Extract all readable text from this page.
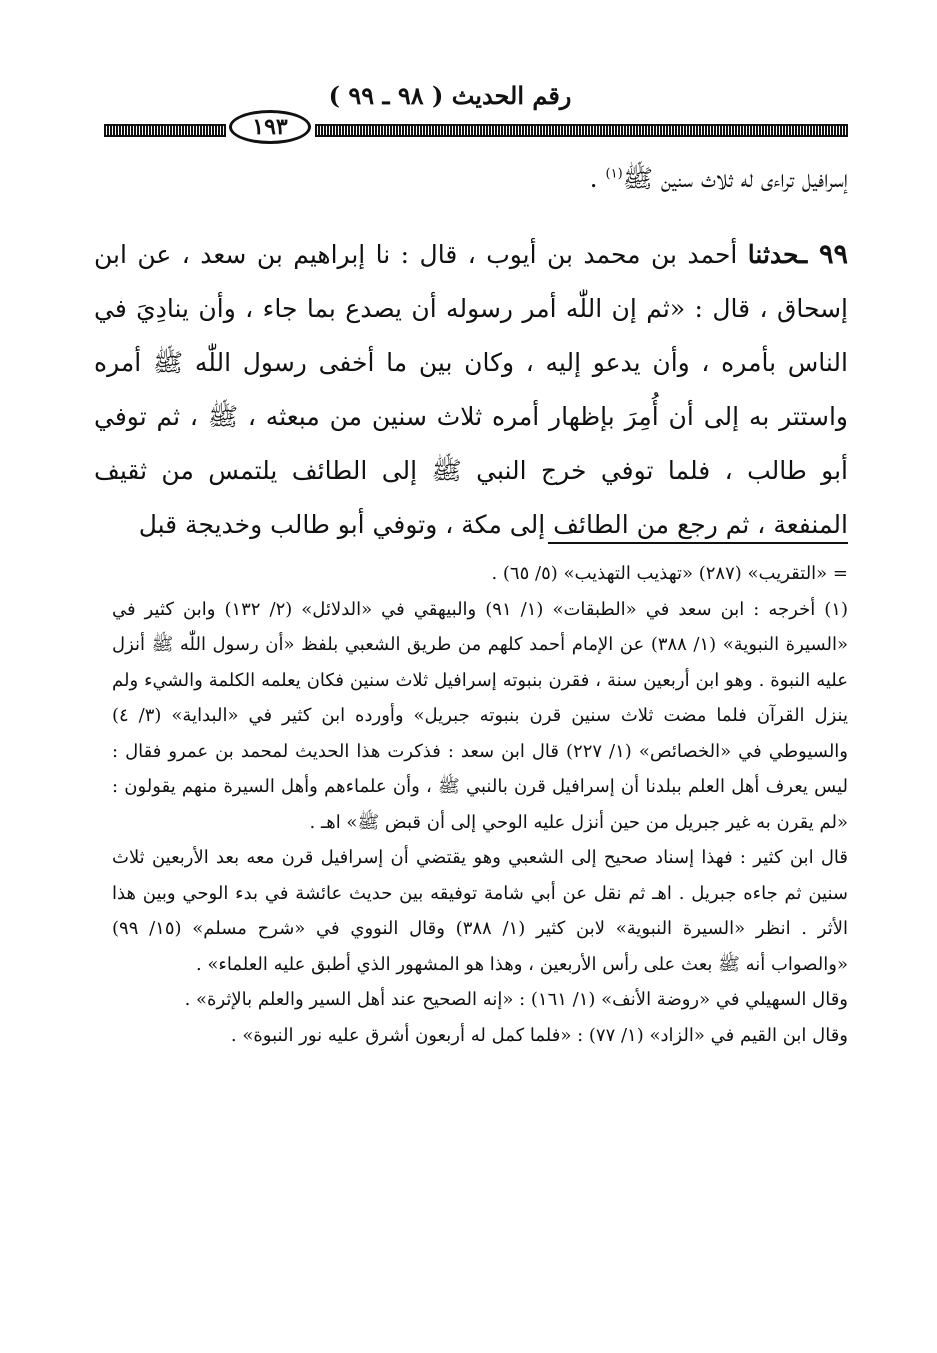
رقم الحديث ( ٩٨ ـ ٩٩ )
١٩٣

إسرافيل تراءى له ثلاث سنين ﷺ$^{(١)}$ .

٩٩ ـحدثنا أحمد بن محمد بن أيوب ، قال : نا إبراهيم بن سعد ، عن ابن إسحاق ، قال : «ثم إن اللّٰه أمر رسوله أن يصدع بما جاء ، وأن ينادِيَ في الناس بأمره ، وأن يدعو إليه ، وكان بين ما أخفى رسول اللّٰه ﷺ أمره واستتر به إلى أن أُمِرَ بإظهار أمره ثلاث سنين من مبعثه ، ﷺ ، ثم توفي أبو طالب ، فلما توفي خرج النبي ﷺ إلى الطائف يلتمس من ثقيف المنفعة ، ثم رجع من الطائف إلى مكة ، وتوفي أبو طالب وخديجة قبل

= «التقريب» (٢٨٧) «تهذيب التهذيب» (٥/ ٦٥) .

(١) أخرجه : ابن سعد في «الطبقات» (١/ ٩١) والبيهقي في «الدلائل» (٢/ ١٣٢) وابن كثير في «السيرة النبوية» (١/ ٣٨٨) عن الإمام أحمد كلهم من طريق الشعبي بلفظ «أن رسول اللّٰه ﷺ أنزل عليه النبوة . وهو ابن أربعين سنة ، فقرن بنبوته إسرافيل ثلاث سنين فكان يعلمه الكلمة والشيء ولم ينزل القرآن فلما مضت ثلاث سنين قرن بنبوته جبريل» وأورده ابن كثير في «البداية» (٣/ ٤) والسيوطي في «الخصائص» (١/ ٢٢٧) قال ابن سعد : فذكرت هذا الحديث لمحمد بن عمرو فقال : ليس يعرف أهل العلم ببلدنا أن إسرافيل قرن بالنبي ﷺ ، وأن علماءهم وأهل السيرة منهم يقولون : «لم يقرن به غير جبريل من حين أنزل عليه الوحي إلى أن قبض ﷺ» اهـ .

قال ابن كثير : فهذا إسناد صحيح إلى الشعبي وهو يقتضي أن إسرافيل قرن معه بعد الأربعين ثلاث سنين ثم جاءه جبريل . اهـ ثم نقل عن أبي شامة توفيقه بين حديث عائشة في بدء الوحي وبين هذا الأثر . انظر «السيرة النبوية» لابن كثير (١/ ٣٨٨) وقال النووي في «شرح مسلم» (١٥/ ٩٩) «والصواب أنه ﷺ بعث على رأس الأربعين ، وهذا هو المشهور الذي أطبق عليه العلماء» .

وقال السهيلي في «روضة الأنف» (١/ ١٦١) : «إنه الصحيح عند أهل السير والعلم بالإثرة» .

وقال ابن القيم في «الزاد» (١/ ٧٧) : «فلما كمل له أربعون أشرق عليه نور النبوة» .
